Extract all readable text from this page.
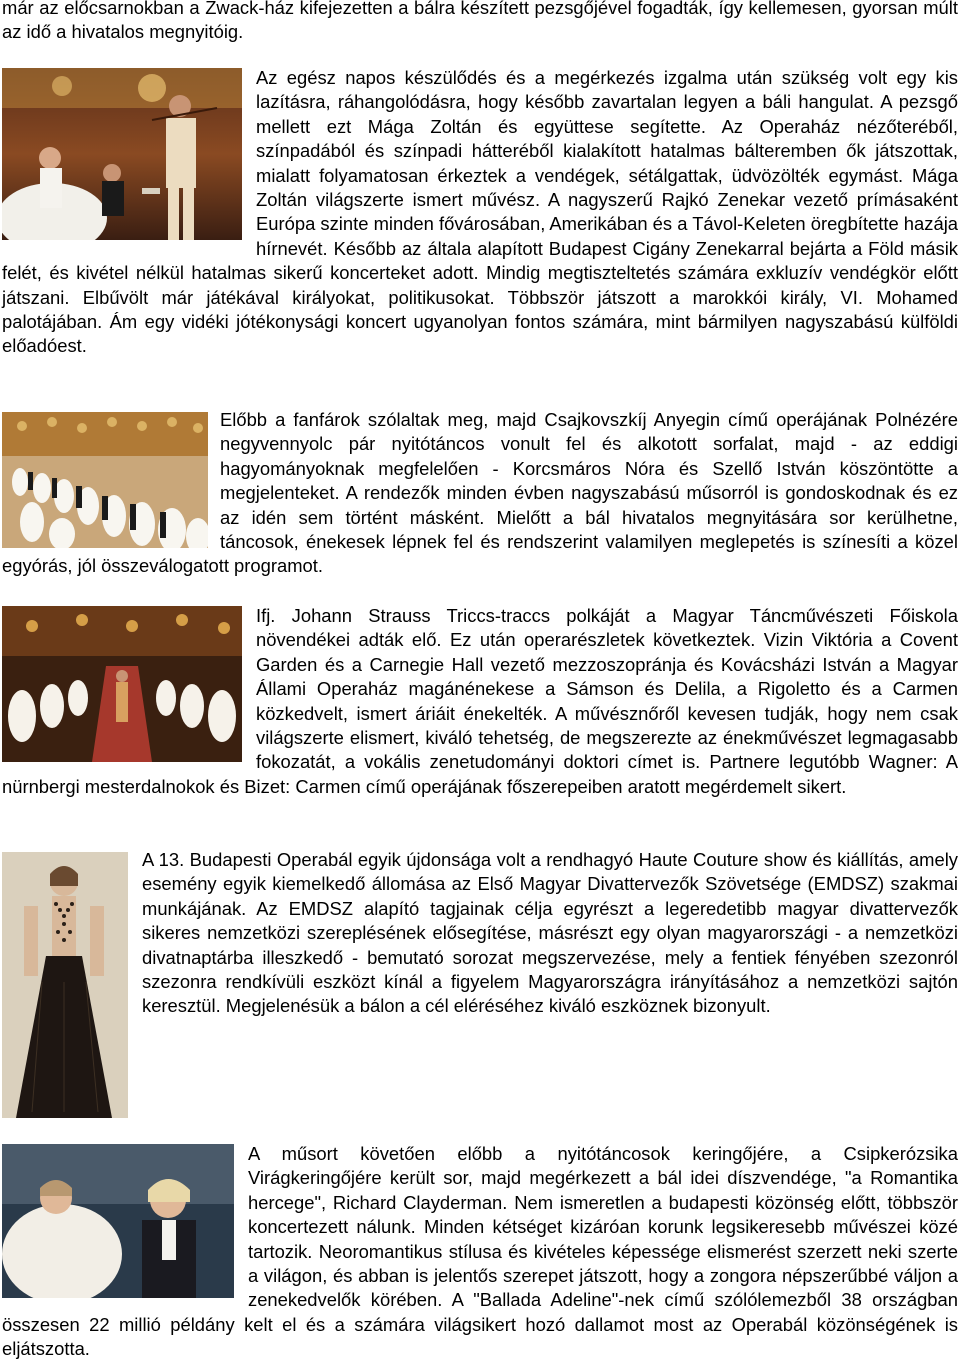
már az előcsarnokban a Zwack-ház kifejezetten a bálra készített pezsgőjével fogadták, így kellemesen, gyorsan múlt az idő a hivatalos megnyitóig.

Az egész napos készülődés és a megérkezés izgalma után szükség volt egy kis lazításra, ráhangolódásra, hogy később zavartalan legyen a báli hangulat. A pezsgő mellett ezt Mága Zoltán és együttese segítette. Az Operaház nézőteréből, színpadából és színpadi hátteréből kialakított hatalmas bálteremben ők játszottak, mialatt folyamatosan érkeztek a vendégek, sétálgattak, üdvözölték egymást. Mága Zoltán világszerte ismert művész. A nagyszerű Rajkó Zenekar vezető prímásaként Európa szinte minden fővárosában, Amerikában és a Távol-Keleten öregbítette hazája hírnevét. Később az általa alapított Budapest Cigány Zenekarral bejárta a Föld másik felét, és kivétel nélkül hatalmas sikerű koncerteket adott. Mindig megtiszteltetés számára exkluzív vendégkör előtt játszani. Elbűvölt már játékával királyokat, politikusokat. Többször játszott a marokkói király, VI. Mohamed palotájában. Ám egy vidéki jótékonysági koncert ugyanolyan fontos számára, mint bármilyen nagyszabású külföldi előadóest.

Előbb a fanfárok szólaltak meg, majd Csajkovszkíj Anyegin című operájának Polnézére negyvennyolc pár nyitótáncos vonult fel és alkotott sorfalat, majd - az eddigi hagyományoknak megfelelően - Korcsmáros Nóra és Szellő István köszöntötte a megjelenteket. A rendezők minden évben nagyszabású műsorról is gondoskodnak és ez az idén sem történt másként. Mielőtt a bál hivatalos megnyitására sor kerülhetne, táncosok, énekesek lépnek fel és rendszerint valamilyen meglepetés is színesíti a közel egyórás, jól összeválogatott programot.

Ifj. Johann Strauss Triccs-traccs polkáját a Magyar Táncművészeti Főiskola növendékei adták elő. Ez után operarészletek következtek. Vizin Viktória a Covent Garden és a Carnegie Hall vezető mezzoszopránja és Kovácsházi István a Magyar Állami Operaház magánénekese a Sámson és Delila, a Rigoletto és a Carmen közkedvelt, ismert áriáit énekelték. A művésznőről kevesen tudják, hogy nem csak világszerte elismert, kiváló tehetség, de megszerezte az énekművészet legmagasabb fokozatát, a vokális zenetudományi doktori címet is. Partnere legutóbb Wagner: A nürnbergi mesterdalnokok és Bizet: Carmen című operájának főszerepeiben aratott megérdemelt sikert.

A 13. Budapesti Operabál egyik újdonsága volt a rendhagyó Haute Couture show és kiállítás, amely esemény egyik kiemelkedő állomása az Első Magyar Divattervezők Szövetsége (EMDSZ) szakmai munkájának. Az EMDSZ alapító tagjainak célja egyrészt a legeredetibb magyar divattervezők sikeres nemzetközi szereplésének elősegítése, másrészt egy olyan magyarországi - a nemzetközi divatnaptárba illeszkedő - bemutató sorozat megszervezése, mely a fentiek fényében szezonról szezonra rendkívüli eszközt kínál a figyelem Magyarországra irányításához a nemzetközi sajtón keresztül. Megjelenésük a bálon a cél eléréséhez kiváló eszköznek bizonyult.

A műsort követően előbb a nyitótáncosok keringőjére, a Csipkerózsika Virágkeringőjére került sor, majd megérkezett a bál idei díszvendége, "a Romantika hercege", Richard Clayderman. Nem ismeretlen a budapesti közönség előtt, többször koncertezett nálunk. Minden kétséget kizáróan korunk legsikeresebb művészei közé tartozik. Neoromantikus stílusa és kivételes képessége elismerést szerzett neki szerte a világon, és abban is jelentős szerepet játszott, hogy a zongora népszerűbbé váljon a zenekedvelők körében. A "Ballada Adeline"-nek című szólólemezből 38 országban összesen 22 millió példány kelt el és a számára világsikert hozó dallamot most az Operabál közönségének is eljátszotta.
